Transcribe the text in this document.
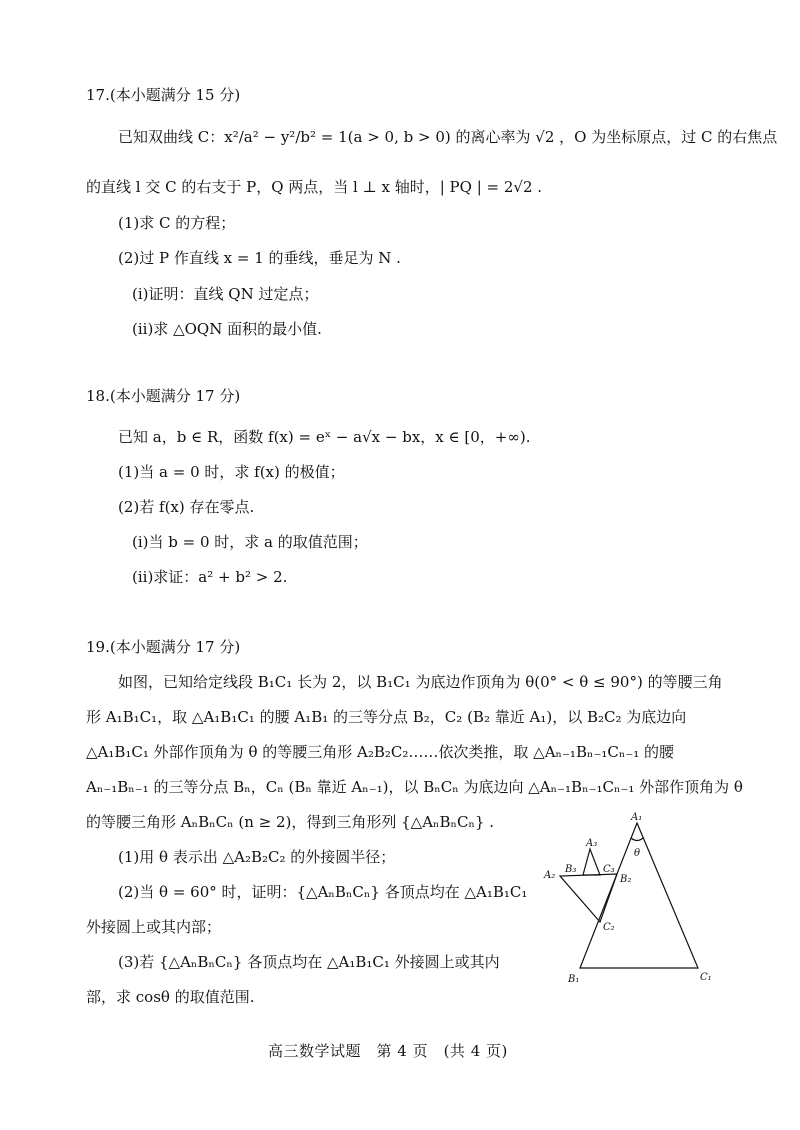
17.(本小题满分 15 分)
已知双曲线 C：x²/a² − y²/b² = 1(a > 0, b > 0) 的离心率为 √2 ，O 为坐标原点，过 C 的右焦点
的直线 l 交 C 的右支于 P，Q 两点，当 l ⊥ x 轴时，| PQ | = 2√2 .
(1)求 C 的方程；
(2)过 P 作直线 x = 1 的垂线，垂足为 N .
(i)证明：直线 QN 过定点；
(ii)求 △OQN 面积的最小值.
18.(本小题满分 17 分)
已知 a，b ∈ R，函数 f(x) = eˣ − a√x − bx，x ∈ [0，+∞).
(1)当 a = 0 时，求 f(x) 的极值；
(2)若 f(x) 存在零点.
(i)当 b = 0 时，求 a 的取值范围；
(ii)求证：a² + b² > 2.
19.(本小题满分 17 分)
如图，已知给定线段 B₁C₁ 长为 2，以 B₁C₁ 为底边作顶角为 θ(0° < θ ≤ 90°) 的等腰三角
形 A₁B₁C₁，取 △A₁B₁C₁ 的腰 A₁B₁ 的三等分点 B₂，C₂ (B₂ 靠近 A₁)，以 B₂C₂ 为底边向
△A₁B₁C₁ 外部作顶角为 θ 的等腰三角形 A₂B₂C₂……依次类推，取 △Aₙ₋₁Bₙ₋₁Cₙ₋₁ 的腰
Aₙ₋₁Bₙ₋₁ 的三等分点 Bₙ，Cₙ (Bₙ 靠近 Aₙ₋₁)，以 BₙCₙ 为底边向 △Aₙ₋₁Bₙ₋₁Cₙ₋₁ 外部作顶角为 θ
的等腰三角形 AₙBₙCₙ (n ≥ 2)，得到三角形列 {△AₙBₙCₙ} .
(1)用 θ 表示出 △A₂B₂C₂ 的外接圆半径；
(2)当 θ = 60° 时，证明：{△AₙBₙCₙ} 各顶点均在 △A₁B₁C₁
外接圆上或其内部；
(3)若 {△AₙBₙCₙ} 各顶点均在 △A₁B₁C₁ 外接圆上或其内
部，求 cosθ 的取值范围.
A₁
A₂
A₃
B₁
B₂
B₃
C₁
C₂
C₃
θ
高三数学试题　第 4 页　(共 4 页)
